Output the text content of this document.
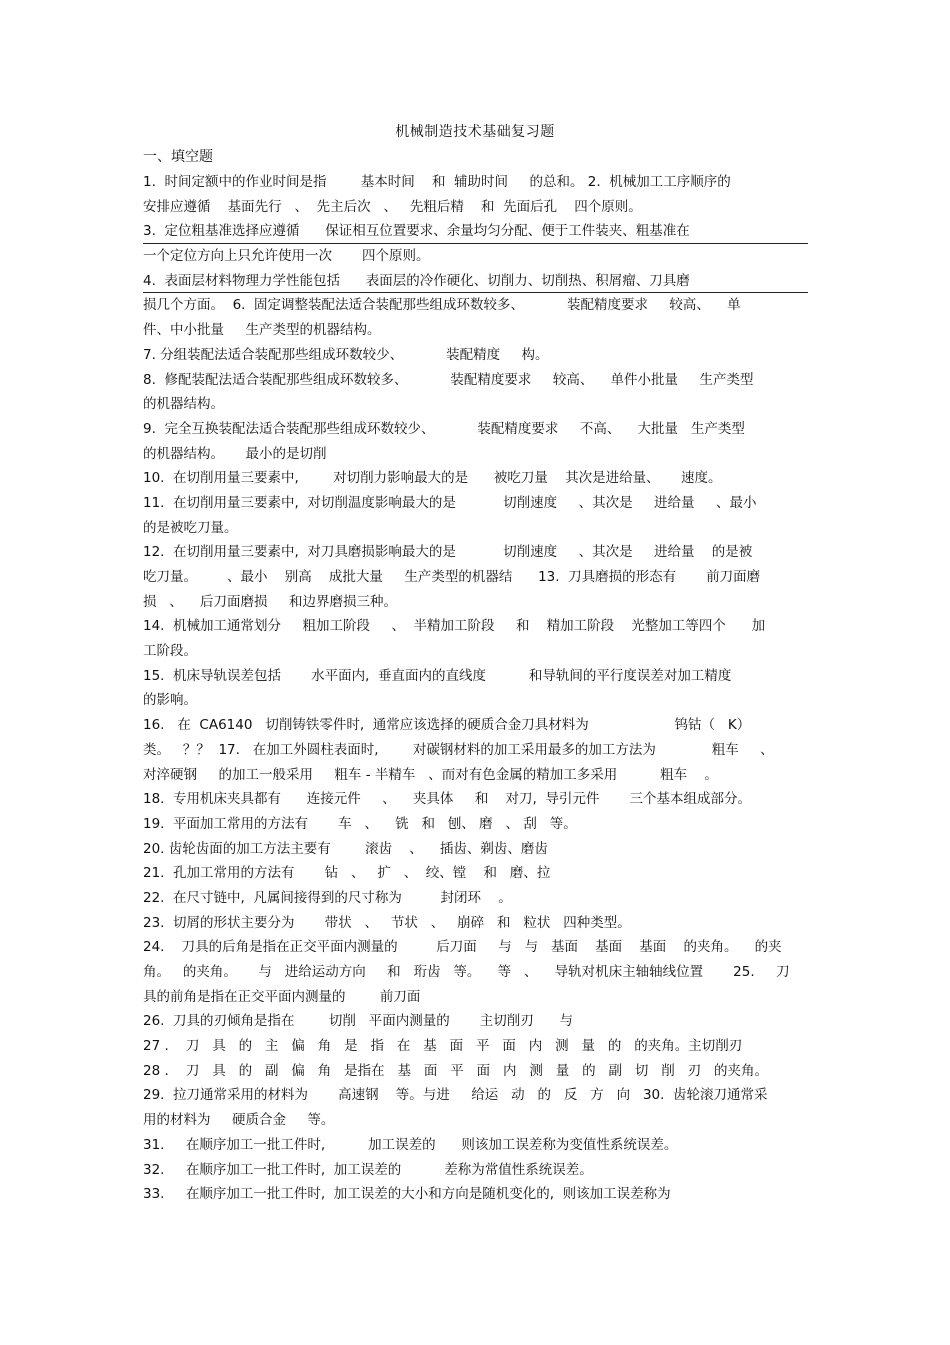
机械制造技术基础复习题
一、填空题
1.  时间定额中的作业时间是指        基本时间    和  辅助时间     的总和。 2.  机械加工工序顺序的
安排应遵循    基面先行   、  先主后次   、   先粗后精    和  先面后孔    四个原则。
3.  定位粗基准选择应遵循      保证相互位置要求、余量均匀分配、便于工件装夹、粗基准在
一个定位方向上只允许使用一次       四个原则。
4.  表面层材料物理力学性能包括      表面层的冷作硬化、切削力、切削热、积屑瘤、刀具磨
损几个方面。  6.  固定调整装配法适合装配那些组成环数较多、          装配精度要求     较高、    单
件、中小批量     生产类型的机器结构。
7. 分组装配法适合装配那些组成环数较少、          装配精度     构。
8.  修配装配法适合装配那些组成环数较多、          装配精度要求     较高、    单件小批量     生产类型
的机器结构。
9.  完全互换装配法适合装配那些组成环数较少、          装配精度要求     不高、    大批量   生产类型
的机器结构。     最小的是切削
10.  在切削用量三要素中,        对切削力影响最大的是      被吃刀量    其次是进给量、     速度。
11.  在切削用量三要素中,  对切削温度影响最大的是           切削速度     、其次是     进给量     、最小
的是被吃刀量。
12.  在切削用量三要素中,  对刀具磨损影响最大的是           切削速度     、其次是     进给量    的是被
吃刀量。       、最小    别高    成批大量     生产类型的机器结      13.  刀具磨损的形态有       前刀面磨
损   、    后刀面磨损     和边界磨损三种。
14.  机械加工通常划分     粗加工阶段     、  半精加工阶段     和    精加工阶段    光整加工等四个      加
工阶段。
15.  机床导轨误差包括       水平面内,  垂直面内的直线度          和导轨间的平行度误差对加工精度
的影响。
16.   在  CA6140   切削铸铁零件时,  通常应该选择的硬质合金刀具材料为                    钨钴（   K）
类。   ？？  17.   在加工外圆柱表面时,        对碳钢材料的加工采用最多的加工方法为             粗车     、
对淬硬钢     的加工一般采用     粗车 - 半精车   、而对有色金属的精加工多采用          粗车    。
18.  专用机床夹具都有      连接元件     、    夹具体     和    对刀,  导引元件       三个基本组成部分。
19.  平面加工常用的方法有       车   、    铣   和   刨、 磨   、 刮   等。
20. 齿轮齿面的加工方法主要有        滚齿    、    插齿、剃齿、磨齿
21.  孔加工常用的方法有       钻   、   扩   、  绞、镗    和   磨、拉
22.  在尺寸链中,  凡属间接得到的尺寸称为         封闭环    。
23.  切屑的形状主要分为       带状   、   节状   、   崩碎   和   粒状   四种类型。
24.    刀具的后角是指在正交平面内测量的         后刀面     与   与   基面    基面    基面    的夹角。    的夹
角。   的夹角。     与   进给运动方向     和   珩齿   等。    等   、    导轨对机床主轴轴线位置       25.     刀
具的前角是指在正交平面内测量的        前刀面
26.  刀具的刃倾角是指在        切削   平面内测量的       主切削刃      与
27 .    刀   具   的   主   偏   角   是   指   在   基   面   平   面   内   测   量   的   的夹角。主切削刃
28 .    刀   具   的   副   偏   角   是指在   基   面   平   面   内   测   量   的   副   切   削   刃   的夹角。
29.  拉刀通常采用的材料为       高速钢    等。与进     给运   动   的   反   方   向   30.  齿轮滚刀通常采
用的材料为     硬质合金     等。
31.     在顺序加工一批工件时,          加工误差的      则该加工误差称为变值性系统误差。
32.     在顺序加工一批工件时,  加工误差的          差称为常值性系统误差。
33.     在顺序加工一批工件时,  加工误差的大小和方向是随机变化的,  则该加工误差称为
